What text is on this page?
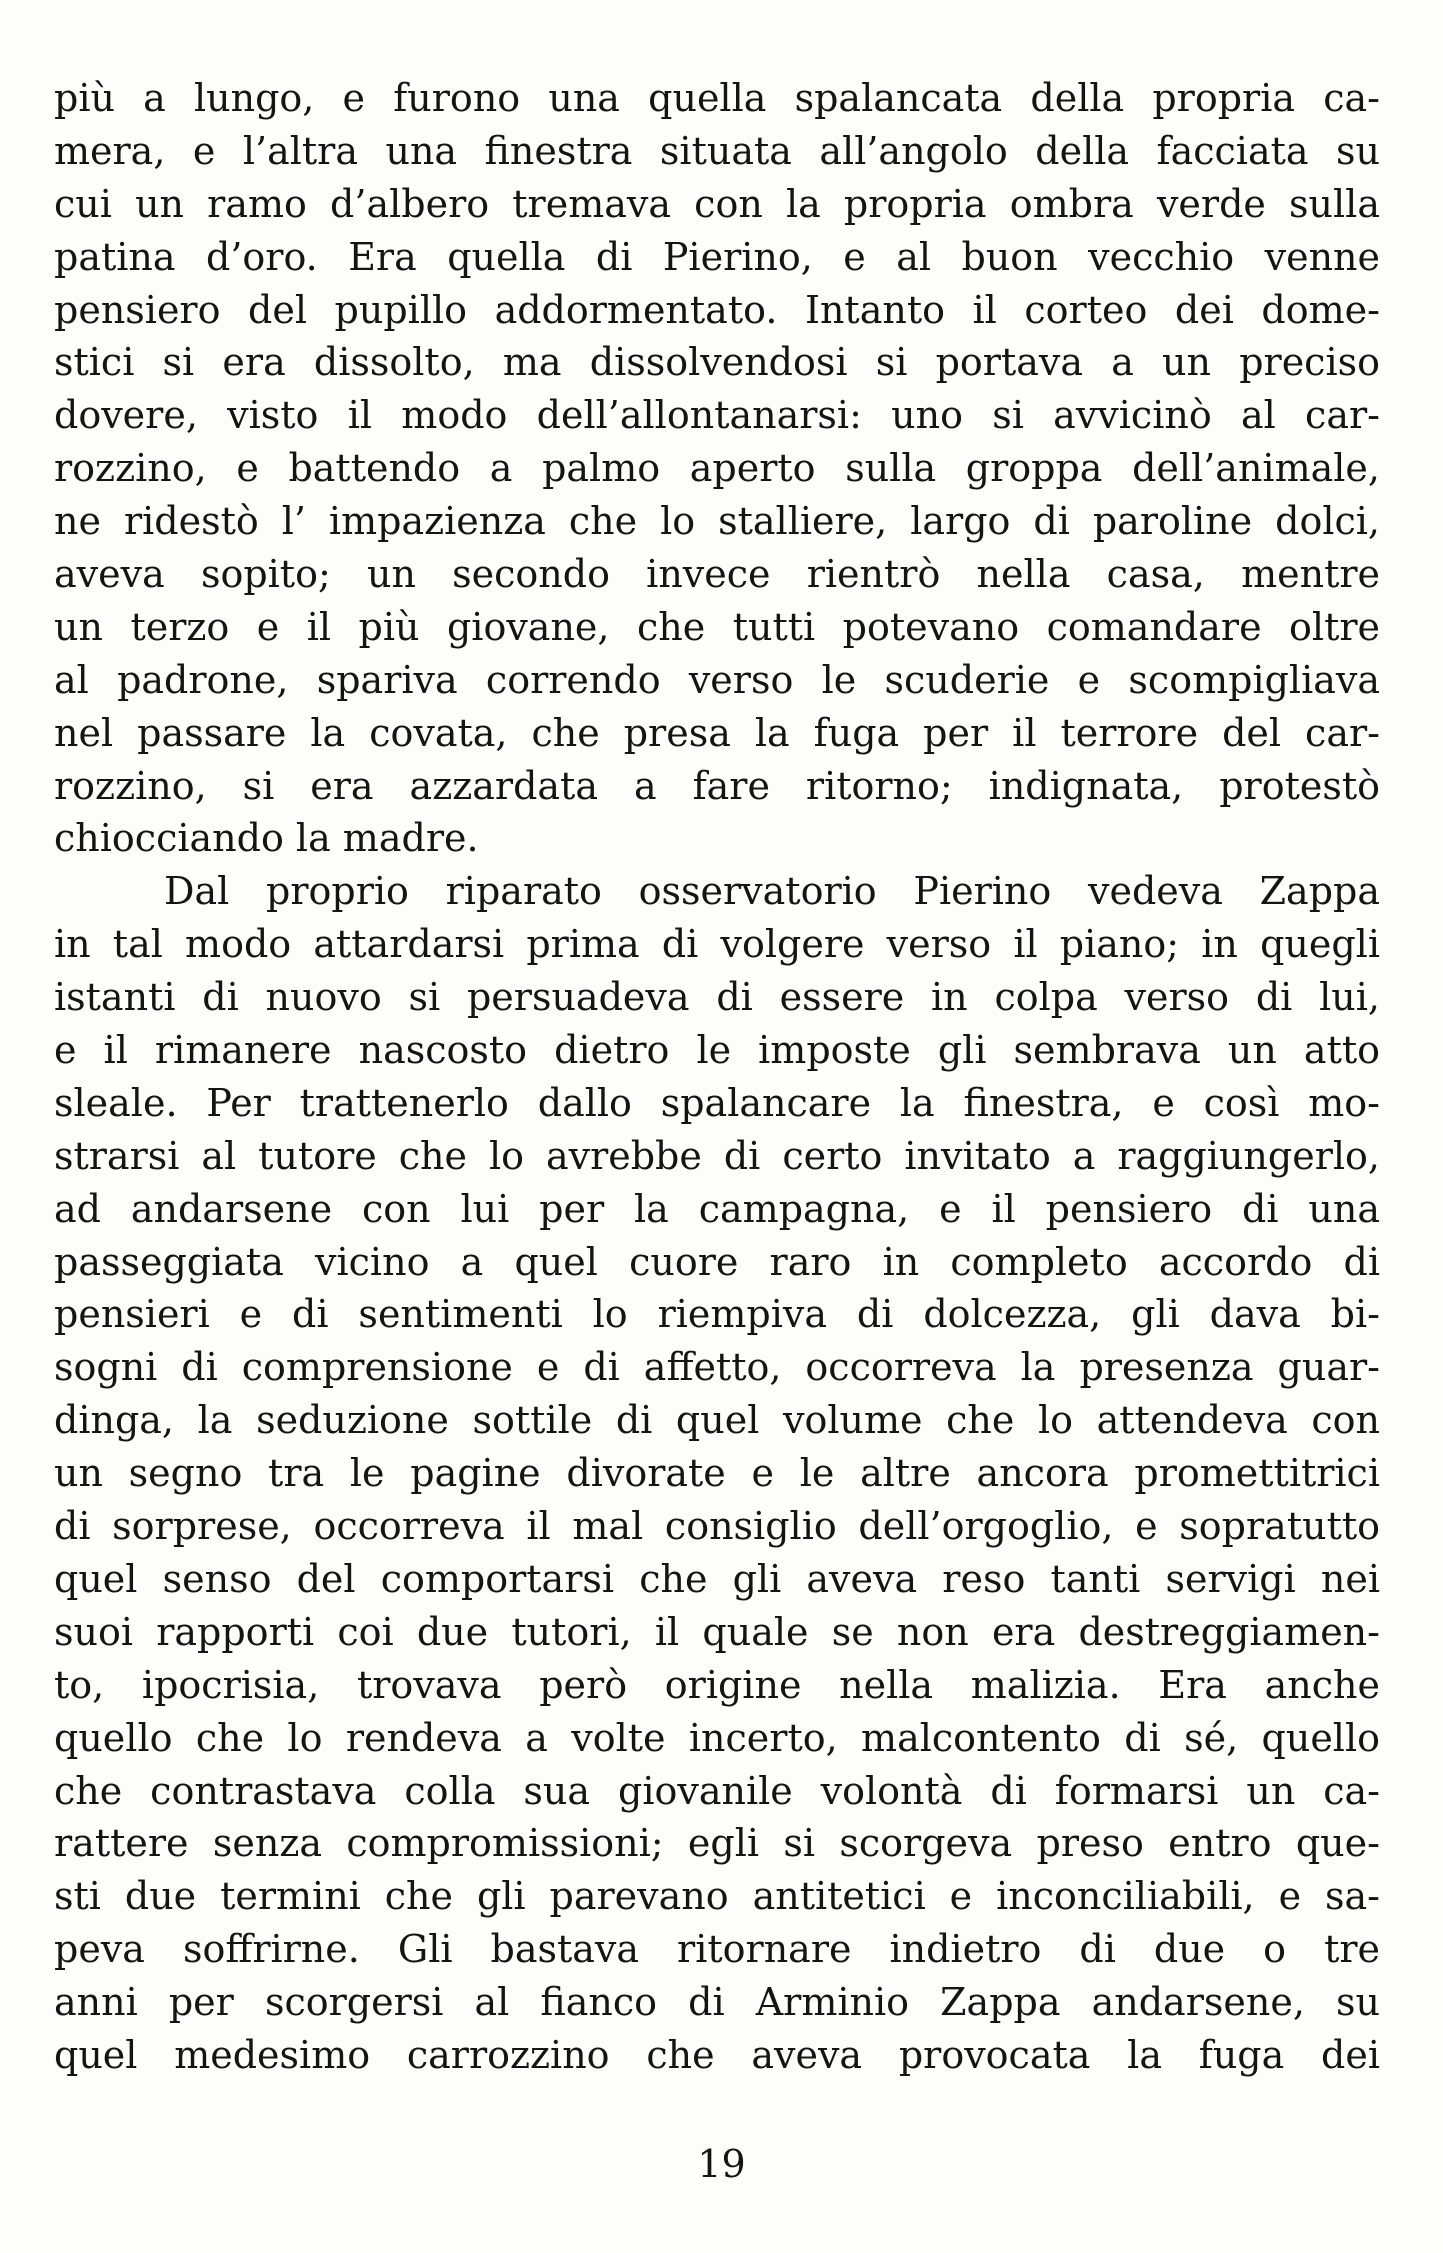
più a lungo, e furono una quella spalancata della propria ca-
mera, e l’altra una finestra situata all’angolo della facciata su
cui un ramo d’albero tremava con la propria ombra verde sulla
patina d’oro. Era quella di Pierino, e al buon vecchio venne
pensiero del pupillo addormentato. Intanto il corteo dei dome-
stici si era dissolto, ma dissolvendosi si portava a un preciso
dovere, visto il modo dell’allontanarsi: uno si avvicinò al car-
rozzino, e battendo a palmo aperto sulla groppa dell’animale,
ne ridestò l’ impazienza che lo stalliere, largo di paroline dolci,
aveva sopito; un secondo invece rientrò nella casa, mentre
un terzo e il più giovane, che tutti potevano comandare oltre
al padrone, spariva correndo verso le scuderie e scompigliava
nel passare la covata, che presa la fuga per il terrore del car-
rozzino, si era azzardata a fare ritorno; indignata, protestò
chiocciando la madre.
Dal proprio riparato osservatorio Pierino vedeva Zappa
in tal modo attardarsi prima di volgere verso il piano; in quegli
istanti di nuovo si persuadeva di essere in colpa verso di lui,
e il rimanere nascosto dietro le imposte gli sembrava un atto
sleale. Per trattenerlo dallo spalancare la finestra, e così mo-
strarsi al tutore che lo avrebbe di certo invitato a raggiungerlo,
ad andarsene con lui per la campagna, e il pensiero di una
passeggiata vicino a quel cuore raro in completo accordo di
pensieri e di sentimenti lo riempiva di dolcezza, gli dava bi-
sogni di comprensione e di affetto, occorreva la presenza guar-
dinga, la seduzione sottile di quel volume che lo attendeva con
un segno tra le pagine divorate e le altre ancora promettitrici
di sorprese, occorreva il mal consiglio dell’orgoglio, e sopratutto
quel senso del comportarsi che gli aveva reso tanti servigi nei
suoi rapporti coi due tutori, il quale se non era destreggiamen-
to, ipocrisia, trovava però origine nella malizia. Era anche
quello che lo rendeva a volte incerto, malcontento di sé, quello
che contrastava colla sua giovanile volontà di formarsi un ca-
rattere senza compromissioni; egli si scorgeva preso entro que-
sti due termini che gli parevano antitetici e inconciliabili, e sa-
peva soffrirne. Gli bastava ritornare indietro di due o tre
anni per scorgersi al fianco di Arminio Zappa andarsene, su
quel medesimo carrozzino che aveva provocata la fuga dei
19
